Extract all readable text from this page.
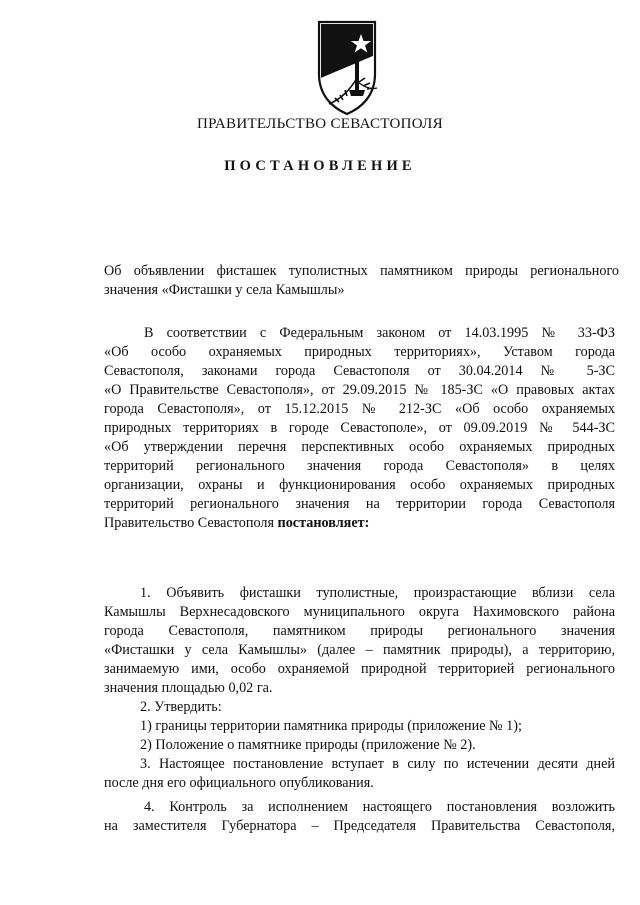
ПРАВИТЕЛЬСТВО СЕВАСТОПОЛЯ
ПОСТАНОВЛЕНИЕ
Об объявлении фисташек туполистных памятником природы регионального
значения «Фисташки у села Камышлы»
В соответствии с Федеральным законом от 14.03.1995 № 33-ФЗ
«Об особо охраняемых природных территориях», Уставом города
Севастополя, законами города Севастополя от 30.04.2014 № 5-ЗС
«О Правительстве Севастополя», от 29.09.2015 № 185-ЗС «О правовых актах
города Севастополя», от 15.12.2015 № 212-ЗС «Об особо охраняемых
природных территориях в городе Севастополе», от 09.09.2019 № 544-ЗС
«Об утверждении перечня перспективных особо охраняемых природных
территорий регионального значения города Севастополя» в целях
организации, охраны и функционирования особо охраняемых природных
территорий регионального значения на территории города Севастополя
Правительство Севастополя постановляет:
1. Объявить фисташки туполистные, произрастающие вблизи села
Камышлы Верхнесадовского муниципального округа Нахимовского района
города Севастополя, памятником природы регионального значения
«Фисташки у села Камышлы» (далее – памятник природы), а территорию,
занимаемую ими, особо охраняемой природной территорией регионального
значения площадью 0,02 га.
2. Утвердить:
1) границы территории памятника природы (приложение № 1);
2) Положение о памятнике природы (приложение № 2).
3. Настоящее постановление вступает в силу по истечении десяти дней
после дня его официального опубликования.
4. Контроль за исполнением настоящего постановления возложить
на заместителя Губернатора – Председателя Правительства Севастополя,
